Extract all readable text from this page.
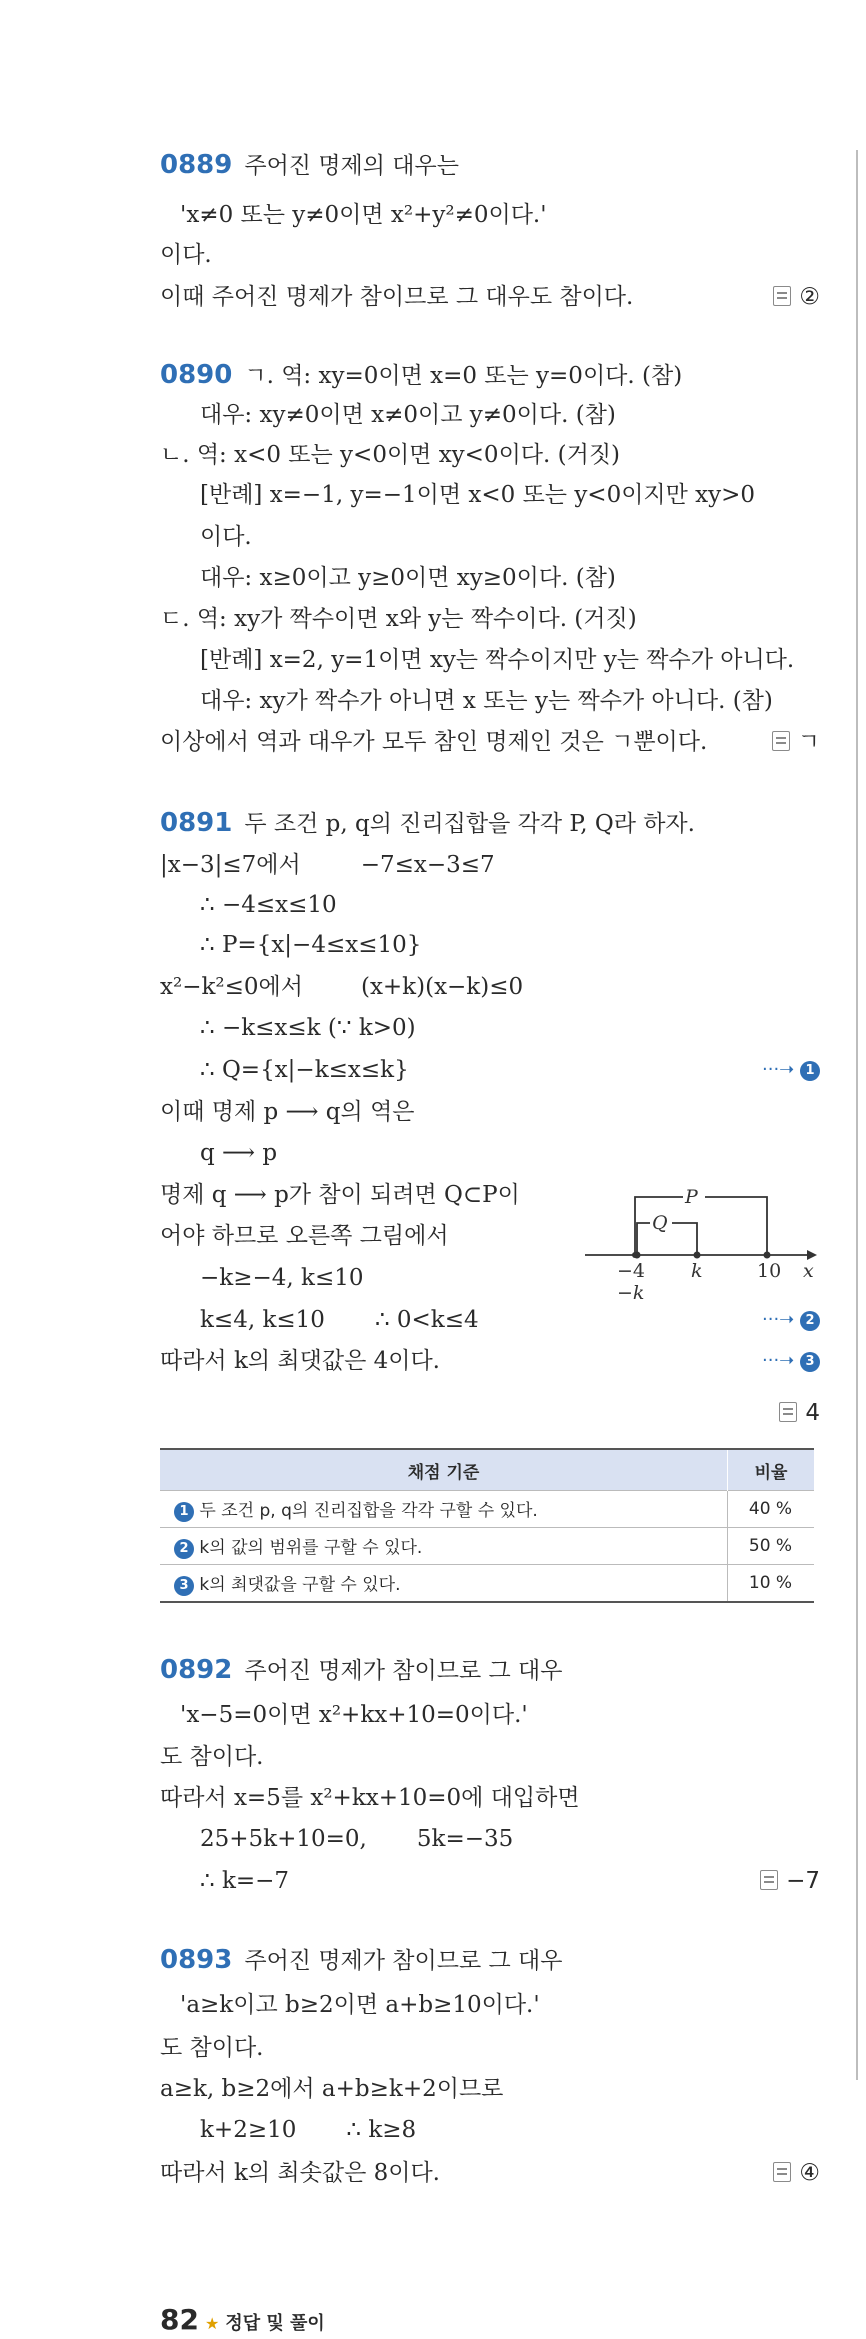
0889 주어진 명제의 대우는
'x≠0 또는 y≠0이면 x²+y²≠0이다.'
이다.
이때 주어진 명제가 참이므로 그 대우도 참이다.	②
0890 ㄱ. 역: xy=0이면 x=0 또는 y=0이다. (참)
대우: xy≠0이면 x≠0이고 y≠0이다. (참)
ㄴ. 역: x<0 또는 y<0이면 xy<0이다. (거짓)
[반례] x=−1, y=−1이면 x<0 또는 y<0이지만 xy>0
이다.
대우: x≥0이고 y≥0이면 xy≥0이다. (참)
ㄷ. 역: xy가 짝수이면 x와 y는 짝수이다. (거짓)
[반례] x=2, y=1이면 xy는 짝수이지만 y는 짝수가 아니다.
대우: xy가 짝수가 아니면 x 또는 y는 짝수가 아니다. (참)
이상에서 역과 대우가 모두 참인 명제인 것은 ㄱ뿐이다.	ㄱ
0891 두 조건 p, q의 진리집합을 각각 P, Q라 하자.
|x−3|≤7에서	−7≤x−3≤7
∴ −4≤x≤10
∴ P={x|−4≤x≤10}
x²−k²≤0에서	(x+k)(x−k)≤0
∴ −k≤x≤k (∵ k>0)
∴ Q={x|−k≤x≤k}	···➝ 1
이때 명제 p ⟶ q의 역은
q ⟶ p
명제 q ⟶ p가 참이 되려면 Q⊂P이
어야 하므로 오른쪽 그림에서
−k≥−4, k≤10
k≤4, k≤10 ∴ 0<k≤4	···➝ 2
따라서 k의 최댓값은 4이다.	···➝ 3
4
P
Q
−4 k	10 x
−k
채점 기준	비율
1 두 조건 p, q의 진리집합을 각각 구할 수 있다.	40 %
2 k의 값의 범위를 구할 수 있다.	50 %
3 k의 최댓값을 구할 수 있다.	10 %
0892 주어진 명제가 참이므로 그 대우
'x−5=0이면 x²+kx+10=0이다.'
도 참이다.
따라서 x=5를 x²+kx+10=0에 대입하면
25+5k+10=0, 5k=−35
∴ k=−7	−7
0893 주어진 명제가 참이므로 그 대우
'a≥k이고 b≥2이면 a+b≥10이다.'
도 참이다.
a≥k, b≥2에서 a+b≥k+2이므로
k+2≥10 ∴ k≥8
따라서 k의 최솟값은 8이다.	④
82 ★ 정답 및 풀이
